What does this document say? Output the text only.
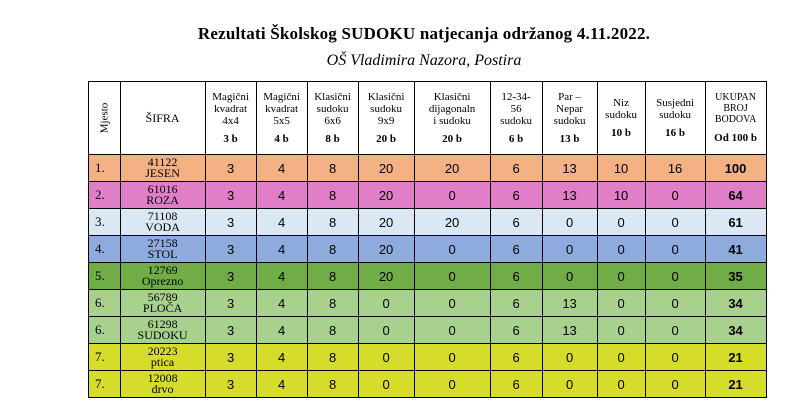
Rezultati Školskog SUDOKU natjecanja održanog 4.11.2022.
OŠ Vladimira Nazora, Postira
Mjesto	ŠIFRA	Magični
kvadrat
4x4
3 b	Magični
kvadrat
5x5
4 b	Klasični
sudoku
6x6
8 b	Klasični
sudoku
9x9
20 b	Klasični
dijagonaln
i sudoku
20 b	12-34-
56
sudoku
6 b	Par –
Nepar
sudoku
13 b	Niz
sudoku
10 b	Susjedni
sudoku
16 b	UKUPAN
BROJ
BODOVA
Od 100 b

1.	41122
JESEN	3	4	8	20	20	6	13	10	16	100
2.	61016
ROZA	3	4	8	20	0	6	13	10	0	64
3.	71108
VODA	3	4	8	20	20	6	0	0	0	61
4.	27158
STOL	3	4	8	20	0	6	0	0	0	41
5.	12769
Oprezno	3	4	8	20	0	6	0	0	0	35
6.	56789
PLOČA	3	4	8	0	0	6	13	0	0	34
6.	61298
SUDOKU	3	4	8	0	0	6	13	0	0	34
7.	20223
ptica	3	4	8	0	0	6	0	0	0	21
7.	12008
drvo	3	4	8	0	0	6	0	0	0	21
